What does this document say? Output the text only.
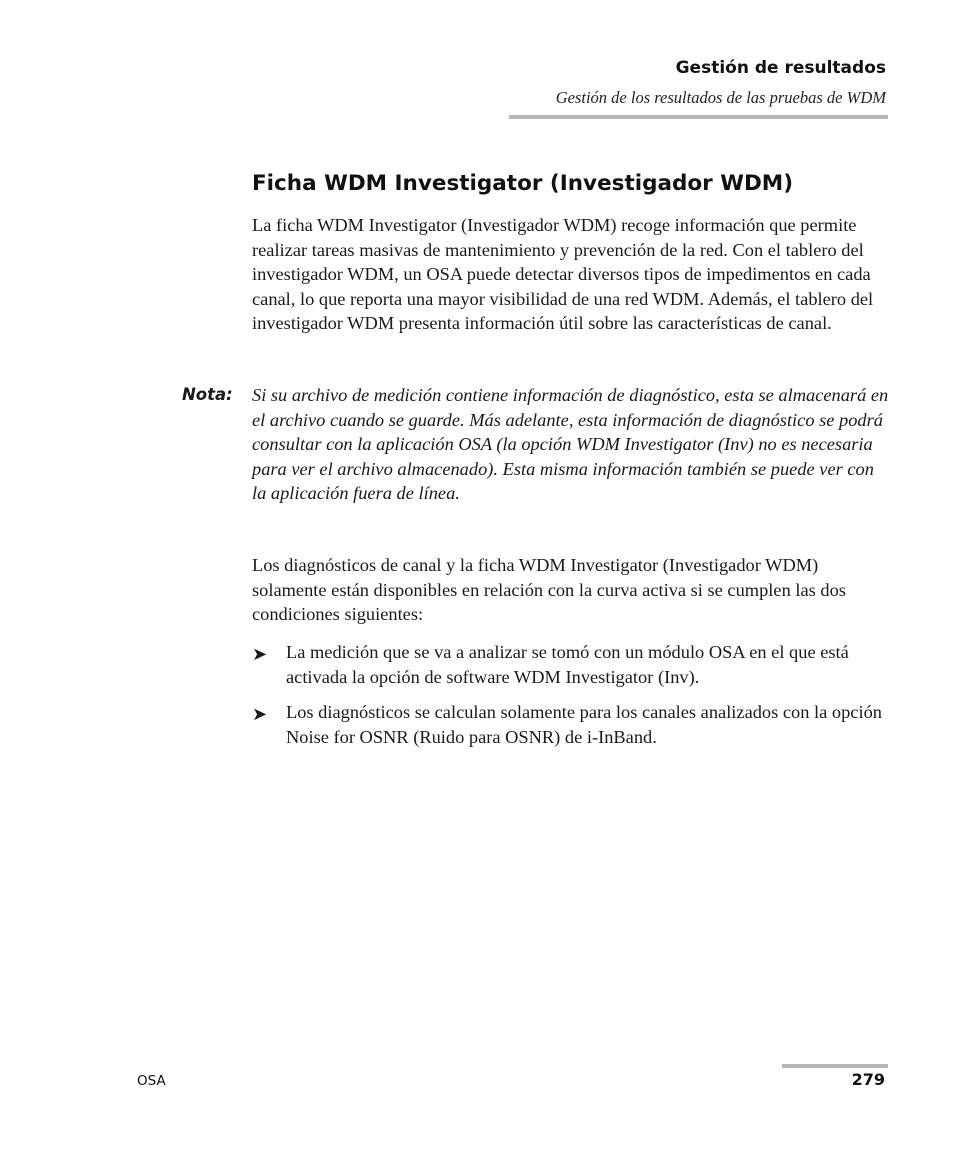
Gestión de resultados
Gestión de los resultados de las pruebas de WDM
Ficha WDM Investigator (Investigador WDM)

La ficha WDM Investigator (Investigador WDM) recoge información que permite realizar tareas masivas de mantenimiento y prevención de la red. Con el tablero del investigador WDM, un OSA puede detectar diversos tipos de impedimentos en cada canal, lo que reporta una mayor visibilidad de una red WDM. Además, el tablero del investigador WDM presenta información útil sobre las características de canal.

Nota: Si su archivo de medición contiene información de diagnóstico, esta se almacenará en el archivo cuando se guarde. Más adelante, esta información de diagnóstico se podrá consultar con la aplicación OSA (la opción WDM Investigator (Inv) no es necesaria para ver el archivo almacenado). Esta misma información también se puede ver con la aplicación fuera de línea.

Los diagnósticos de canal y la ficha WDM Investigator (Investigador WDM) solamente están disponibles en relación con la curva activa si se cumplen las dos condiciones siguientes:

➤ La medición que se va a analizar se tomó con un módulo OSA en el que está activada la opción de software WDM Investigator (Inv).

➤ Los diagnósticos se calculan solamente para los canales analizados con la opción Noise for OSNR (Ruido para OSNR) de i-InBand.

OSA	279
